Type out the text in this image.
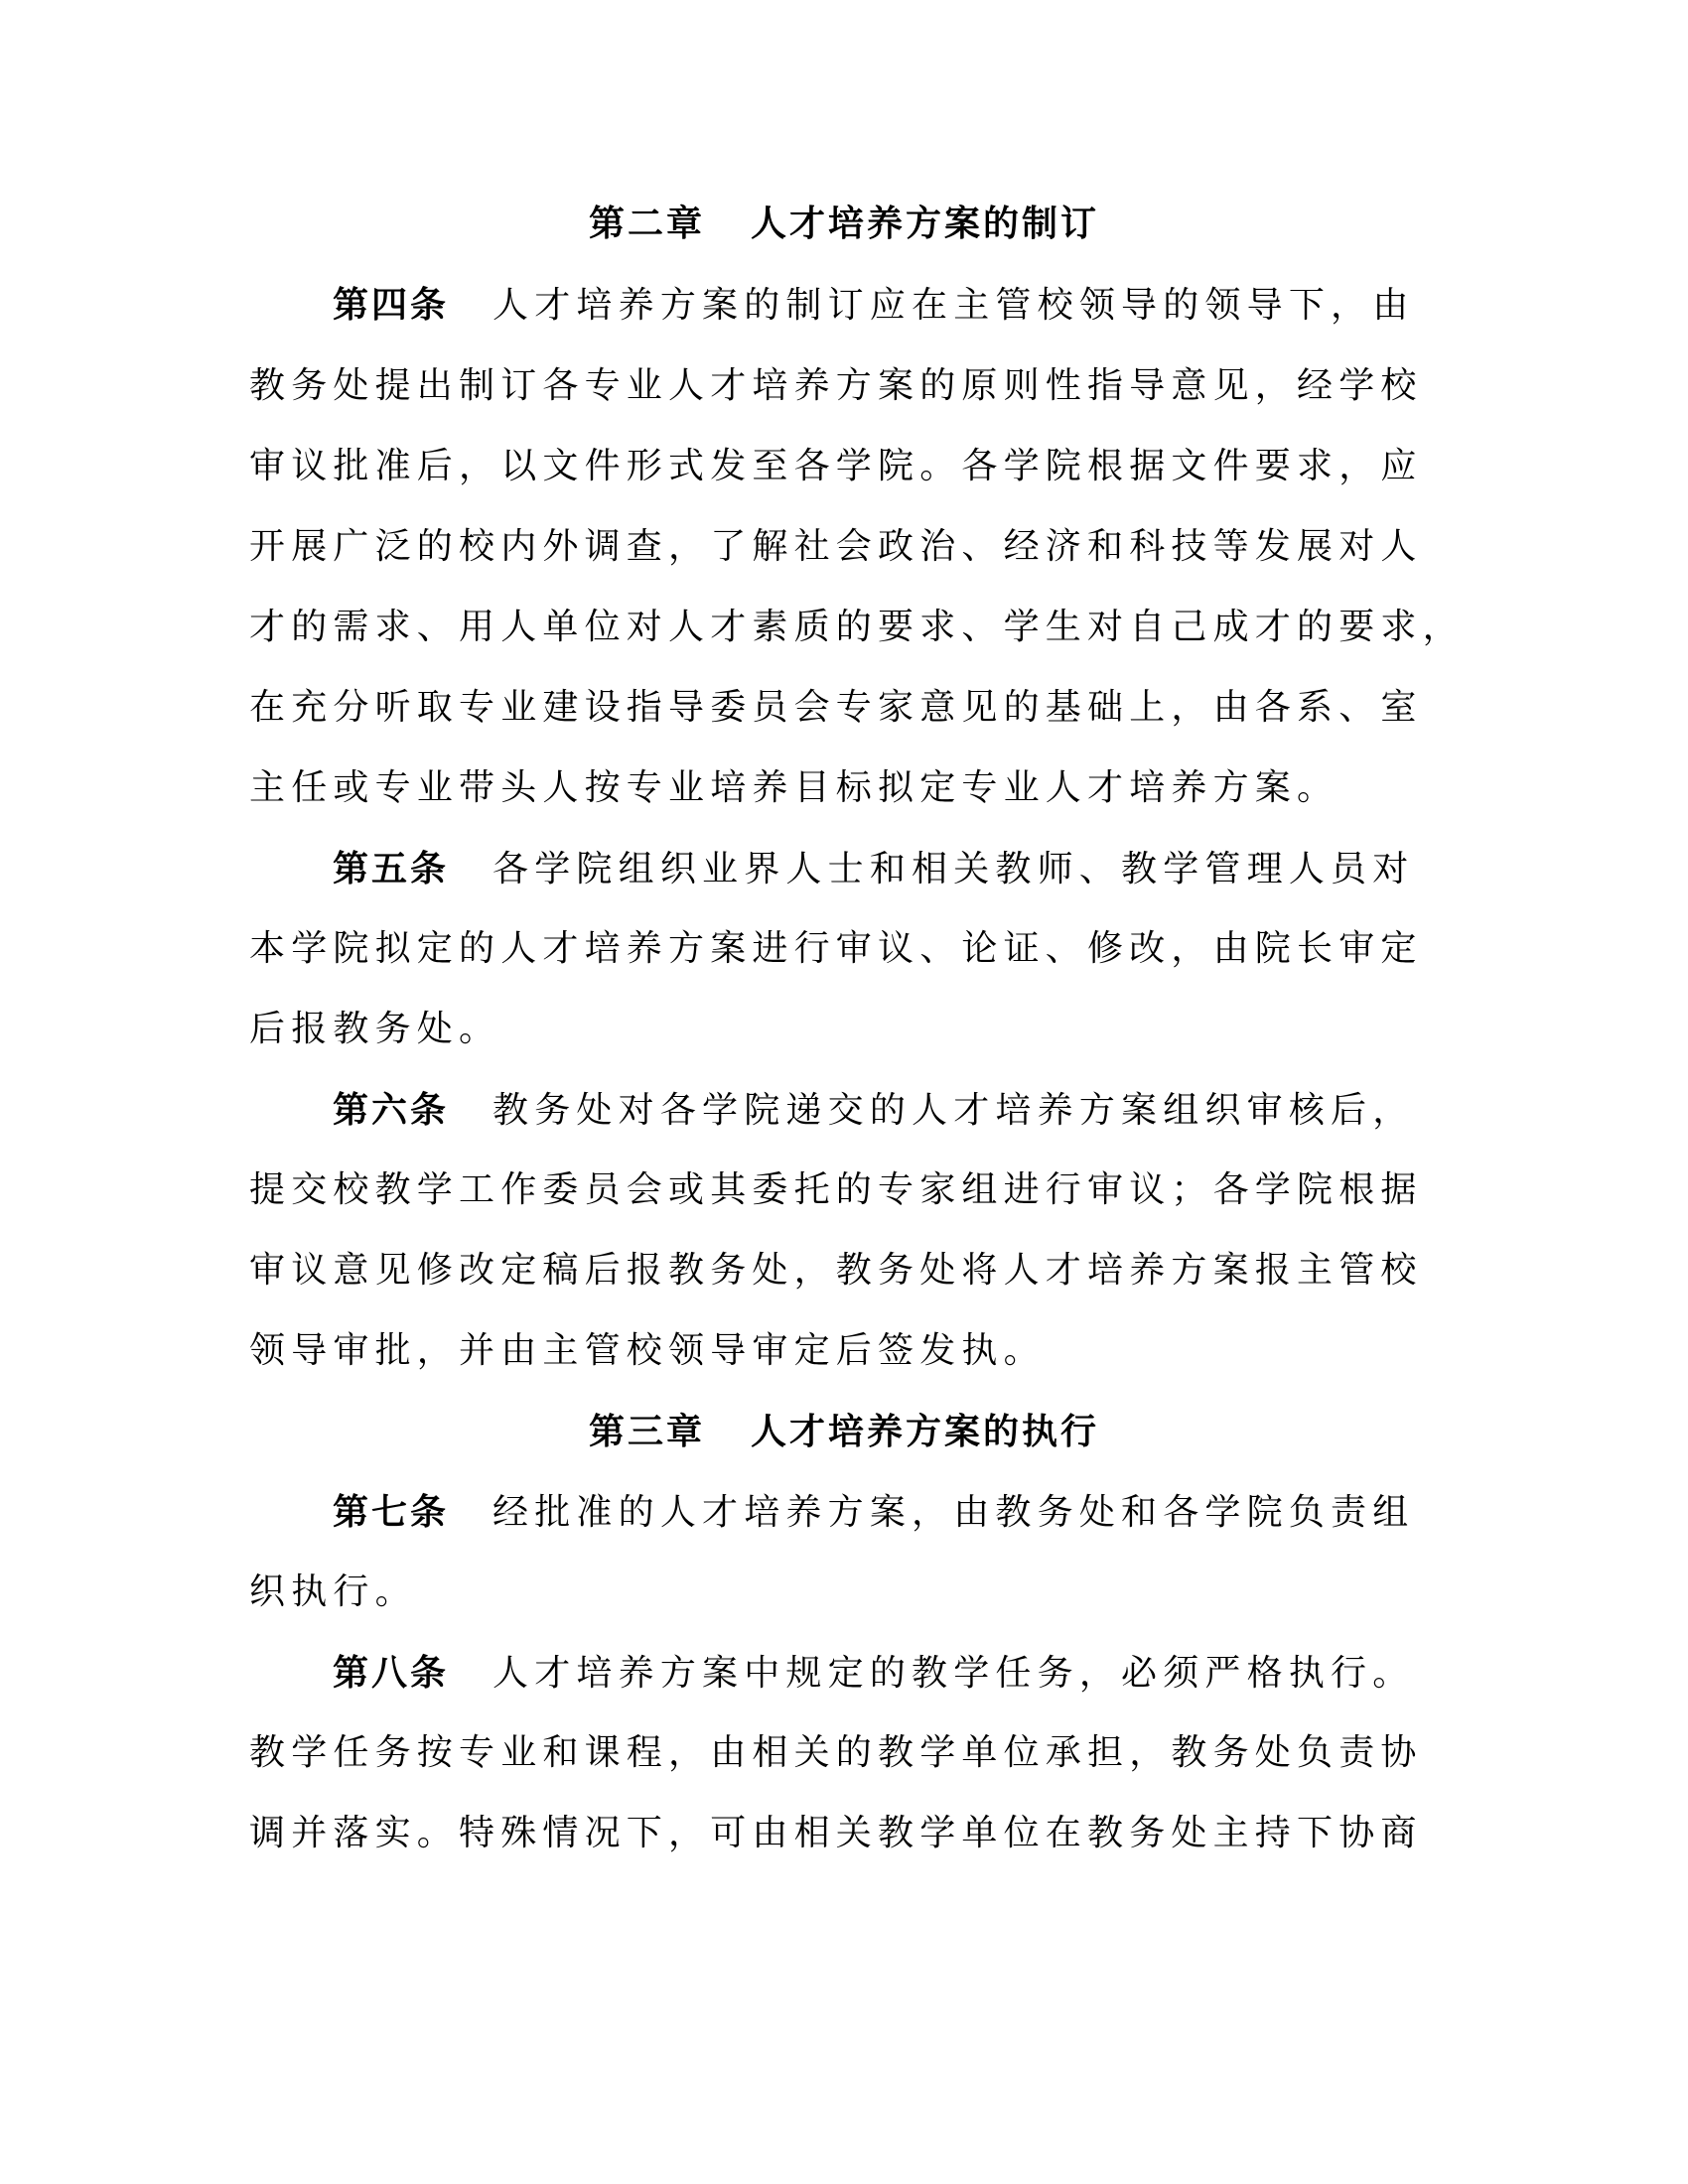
第二章 人才培养方案的制订
第四条 人才培养方案的制订应在主管校领导的领导下，由
教务处提出制订各专业人才培养方案的原则性指导意见，经学校
审议批准后，以文件形式发至各学院。各学院根据文件要求，应
开展广泛的校内外调查，了解社会政治、经济和科技等发展对人
才的需求、用人单位对人才素质的要求、学生对自己成才的要求，
在充分听取专业建设指导委员会专家意见的基础上，由各系、室
主任或专业带头人按专业培养目标拟定专业人才培养方案。
第五条 各学院组织业界人士和相关教师、教学管理人员对
本学院拟定的人才培养方案进行审议、论证、修改，由院长审定
后报教务处。
第六条 教务处对各学院递交的人才培养方案组织审核后，
提交校教学工作委员会或其委托的专家组进行审议；各学院根据
审议意见修改定稿后报教务处，教务处将人才培养方案报主管校
领导审批，并由主管校领导审定后签发执。
第三章 人才培养方案的执行
第七条 经批准的人才培养方案，由教务处和各学院负责组
织执行。
第八条 人才培养方案中规定的教学任务，必须严格执行。
教学任务按专业和课程，由相关的教学单位承担，教务处负责协
调并落实。特殊情况下，可由相关教学单位在教务处主持下协商
